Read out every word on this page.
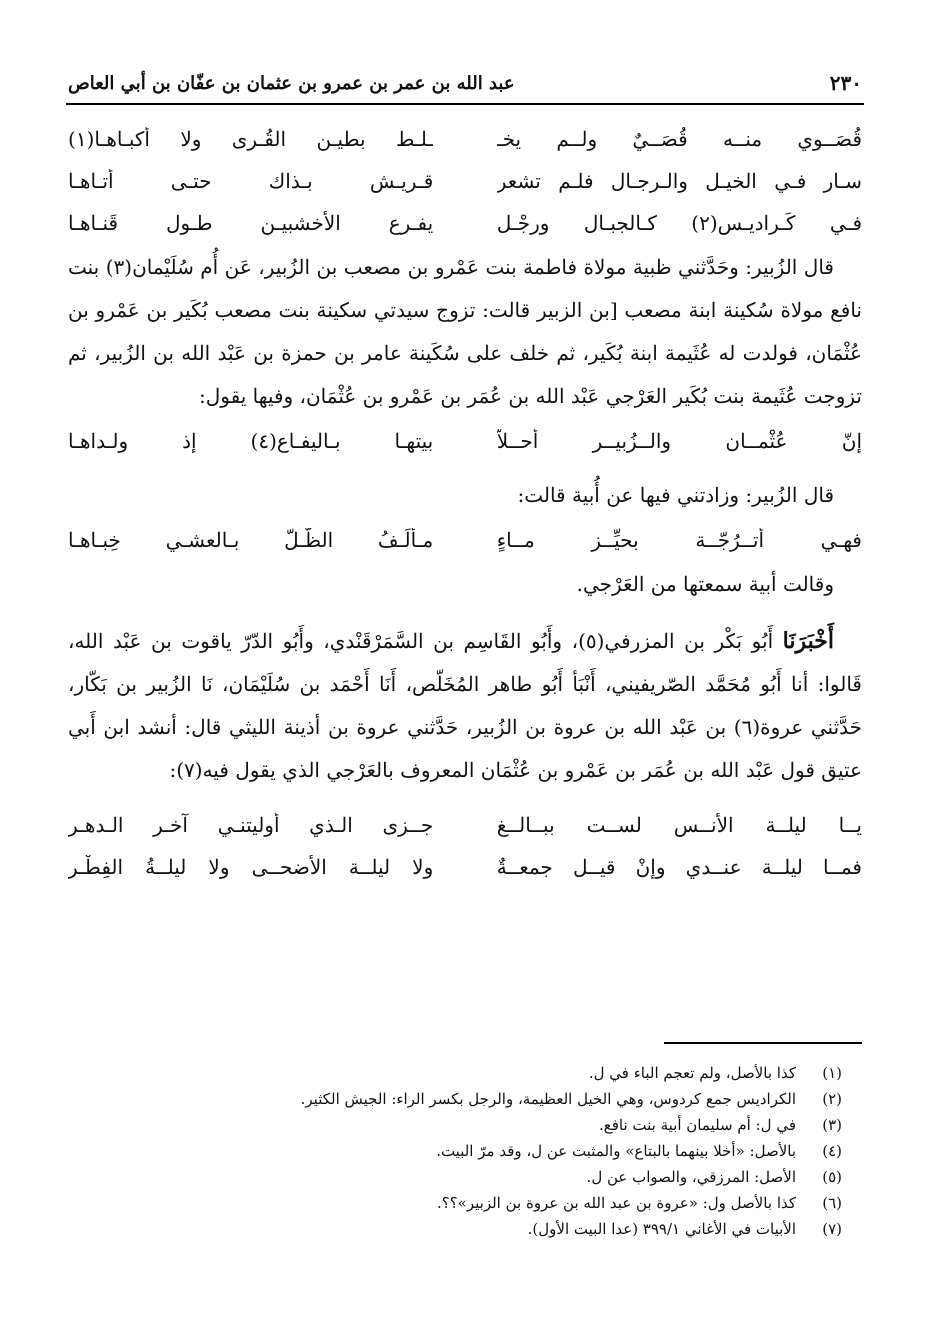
٢٣٠
عبد الله بن عمر بن عمرو بن عثمان بن عفّان بن أبي العاص
قُصَــوي منــه قُصَــيٌ ولــم يخـ
ـلـط بطيـن القُـرى ولا أكبـاهـا(١)
سـار فـي الخيـل والـرجـال فلـم تشعر
قـريـش بـذاك حتـى أتـاهـا
فـي كَـراديـسٍ(٢) كـالجبـال ورجْـلٍ
يفـرع الأخشبيـن طـول قَنـاهـا

قال الزُبير: وحَدَّثني ظبية مولاة فاطمة بنت عَمْرو بن مصعب بن الزُبير، عَن أُم سُلَيْمان(٣) بنت نافع مولاة سُكينة ابنة مصعب [بن الزبير قالت: تزوج سيدتي سكينة بنت مصعب بُكَير بن عَمْرو بن عُثْمَان، فولدت له عُثَيمة ابنة بُكَير، ثم خلف على سُكَينة عامر بن حمزة بن عَبْد الله بن الزُبير، ثم تزوجت عُثَيمة بنت بُكَير العَرْجي عَبْد الله بن عُمَر بن عَمْرو بن عُثْمَان، وفيها يقول:

إنّ عُثْمــان والــزُبيــر أحــلاّ
بيتهـا بـاليفـاع(٤) إذ ولـداهـا

قال الزُبير: وزادتني فيها عن أُبية قالت:

فهـي أُتــرُجّــة بحيِّــز مــاءٍ
مـألَـفُ الظّـلّ بـالعشـي خِبـاهـا

وقالت أبية سمعتها من العَرْجي.

أَخْبَرَنَا أَبُو بَكْر بن المزرفي(٥)، وأَبُو القَاسِم بن السَّمَرْقَنْدي، وأَبُو الدّرّ ياقوت بن عَبْد الله، قَالوا: أنا أَبُو مُحَمَّد الصّريفيني، أَنْبَأ أَبُو طاهر المُخَلّص، أَنَا أَحْمَد بن سُلَيْمَان، نَا الزُبير بن بَكّار، حَدَّثني عروة(٦) بن عَبْد الله بن عروة بن الزُبير، حَدَّثني عروة بن أذينة الليثي قال: أنشد ابن أَبي عتيق قول عَبْد الله بن عُمَر بن عَمْرو بن عُثْمَان المعروف بالعَرْجي الذي يقول فيه(٧):

يــا ليلــة الأنــس لســت ببــالــغٍ
جــزى الـذي أوليتنـي آخـر الـدهـرِ
فمــا ليلــة عنــدي وإنْ قيــل جمعــةٌ
ولا ليلــة الأضحــى ولا ليلــةُ الفِطْـرِ
(١)كذا بالأصل، ولم تعجم الباء في ل.
(٢)الكراديس جمع كردوس، وهي الخيل العظيمة، والرجل بكسر الراء: الجيش الكثير.
(٣)في ل: أم سليمان أبية بنت نافع.
(٤)بالأصل: «أخلا بينهما بالبتاع» والمثبت عن ل، وقد مرّ البيت.
(٥)الأصل: المرزقي، والصواب عن ل.
(٦)كذا بالأصل ول: «عروة بن عبد الله بن عروة بن الزبير»؟؟.
(٧)الأبيات في الأغاني ٣٩٩/١ (عدا البيت الأول).
